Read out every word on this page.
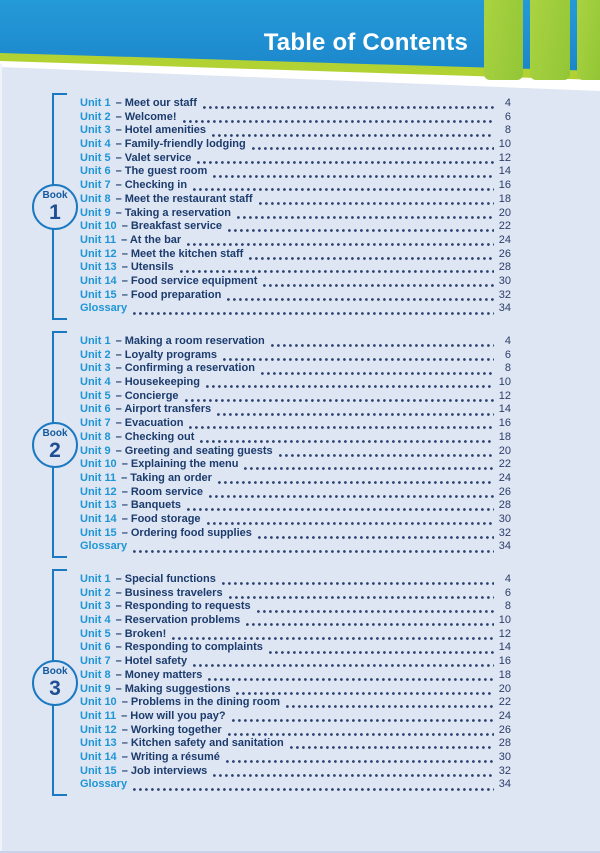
Table of Contents
Book
1
Unit 1 – Meet our staff	4
Unit 2 – Welcome!	6
Unit 3 – Hotel amenities	8
Unit 4 – Family-friendly lodging	10
Unit 5 – Valet service	12
Unit 6 – The guest room	14
Unit 7 – Checking in	16
Unit 8 – Meet the restaurant staff	18
Unit 9 – Taking a reservation	20
Unit 10 – Breakfast service	22
Unit 11 – At the bar	24
Unit 12 – Meet the kitchen staff	26
Unit 13 – Utensils	28
Unit 14 – Food service equipment	30
Unit 15 – Food preparation	32
Glossary	34
Book
2
Unit 1 – Making a room reservation	4
Unit 2 – Loyalty programs	6
Unit 3 – Confirming a reservation	8
Unit 4 – Housekeeping	10
Unit 5 – Concierge	12
Unit 6 – Airport transfers	14
Unit 7 – Evacuation	16
Unit 8 – Checking out	18
Unit 9 – Greeting and seating guests	20
Unit 10 – Explaining the menu	22
Unit 11 – Taking an order	24
Unit 12 – Room service	26
Unit 13 – Banquets	28
Unit 14 – Food storage	30
Unit 15 – Ordering food supplies	32
Glossary	34
Book
3
Unit 1 – Special functions	4
Unit 2 – Business travelers	6
Unit 3 – Responding to requests	8
Unit 4 – Reservation problems	10
Unit 5 – Broken!	12
Unit 6 – Responding to complaints	14
Unit 7 – Hotel safety	16
Unit 8 – Money matters	18
Unit 9 – Making suggestions	20
Unit 10 – Problems in the dining room	22
Unit 11 – How will you pay?	24
Unit 12 – Working together	26
Unit 13 – Kitchen safety and sanitation	28
Unit 14 – Writing a résumé	30
Unit 15 – Job interviews	32
Glossary	34
